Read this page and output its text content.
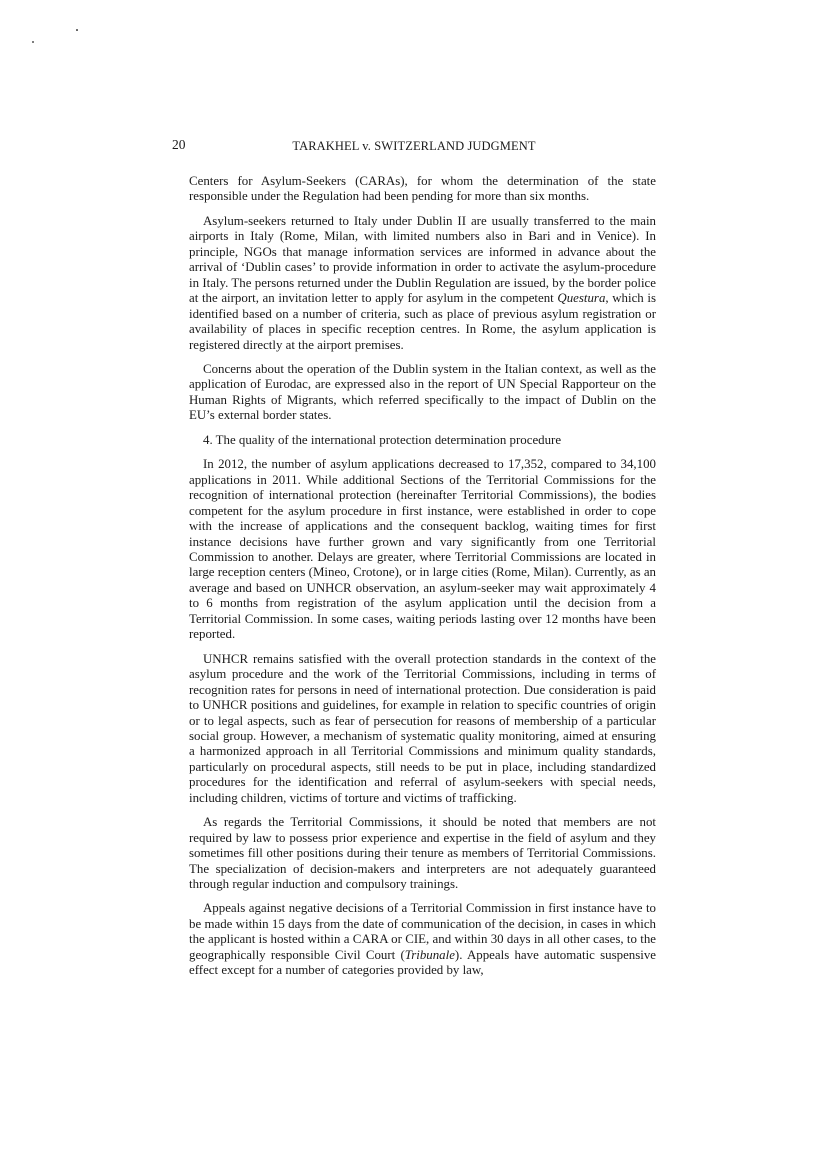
20	TARAKHEL v. SWITZERLAND JUDGMENT

Centers for Asylum-Seekers (CARAs), for whom the determination of the state responsible under the Regulation had been pending for more than six months.

Asylum-seekers returned to Italy under Dublin II are usually transferred to the main airports in Italy (Rome, Milan, with limited numbers also in Bari and in Venice). In principle, NGOs that manage information services are informed in advance about the arrival of ‘Dublin cases’ to provide information in order to activate the asylum-procedure in Italy. The persons returned under the Dublin Regulation are issued, by the border police at the airport, an invitation letter to apply for asylum in the competent Questura, which is identified based on a number of criteria, such as place of previous asylum registration or availability of places in specific reception centres. In Rome, the asylum application is registered directly at the airport premises.

Concerns about the operation of the Dublin system in the Italian context, as well as the application of Eurodac, are expressed also in the report of UN Special Rapporteur on the Human Rights of Migrants, which referred specifically to the impact of Dublin on the EU’s external border states.

4. The quality of the international protection determination procedure

In 2012, the number of asylum applications decreased to 17,352, compared to 34,100 applications in 2011. While additional Sections of the Territorial Commissions for the recognition of international protection (hereinafter Territorial Commissions), the bodies competent for the asylum procedure in first instance, were established in order to cope with the increase of applications and the consequent backlog, waiting times for first instance decisions have further grown and vary significantly from one Territorial Commission to another. Delays are greater, where Territorial Commissions are located in large reception centers (Mineo, Crotone), or in large cities (Rome, Milan). Currently, as an average and based on UNHCR observation, an asylum-seeker may wait approximately 4 to 6 months from registration of the asylum application until the decision from a Territorial Commission. In some cases, waiting periods lasting over 12 months have been reported.

UNHCR remains satisfied with the overall protection standards in the context of the asylum procedure and the work of the Territorial Commissions, including in terms of recognition rates for persons in need of international protection. Due consideration is paid to UNHCR positions and guidelines, for example in relation to specific countries of origin or to legal aspects, such as fear of persecution for reasons of membership of a particular social group. However, a mechanism of systematic quality monitoring, aimed at ensuring a harmonized approach in all Territorial Commissions and minimum quality standards, particularly on procedural aspects, still needs to be put in place, including standardized procedures for the identification and referral of asylum-seekers with special needs, including children, victims of torture and victims of trafficking.

As regards the Territorial Commissions, it should be noted that members are not required by law to possess prior experience and expertise in the field of asylum and they sometimes fill other positions during their tenure as members of Territorial Commissions. The specialization of decision-makers and interpreters are not adequately guaranteed through regular induction and compulsory trainings.

Appeals against negative decisions of a Territorial Commission in first instance have to be made within 15 days from the date of communication of the decision, in cases in which the applicant is hosted within a CARA or CIE, and within 30 days in all other cases, to the geographically responsible Civil Court (Tribunale). Appeals have automatic suspensive effect except for a number of categories provided by law,
